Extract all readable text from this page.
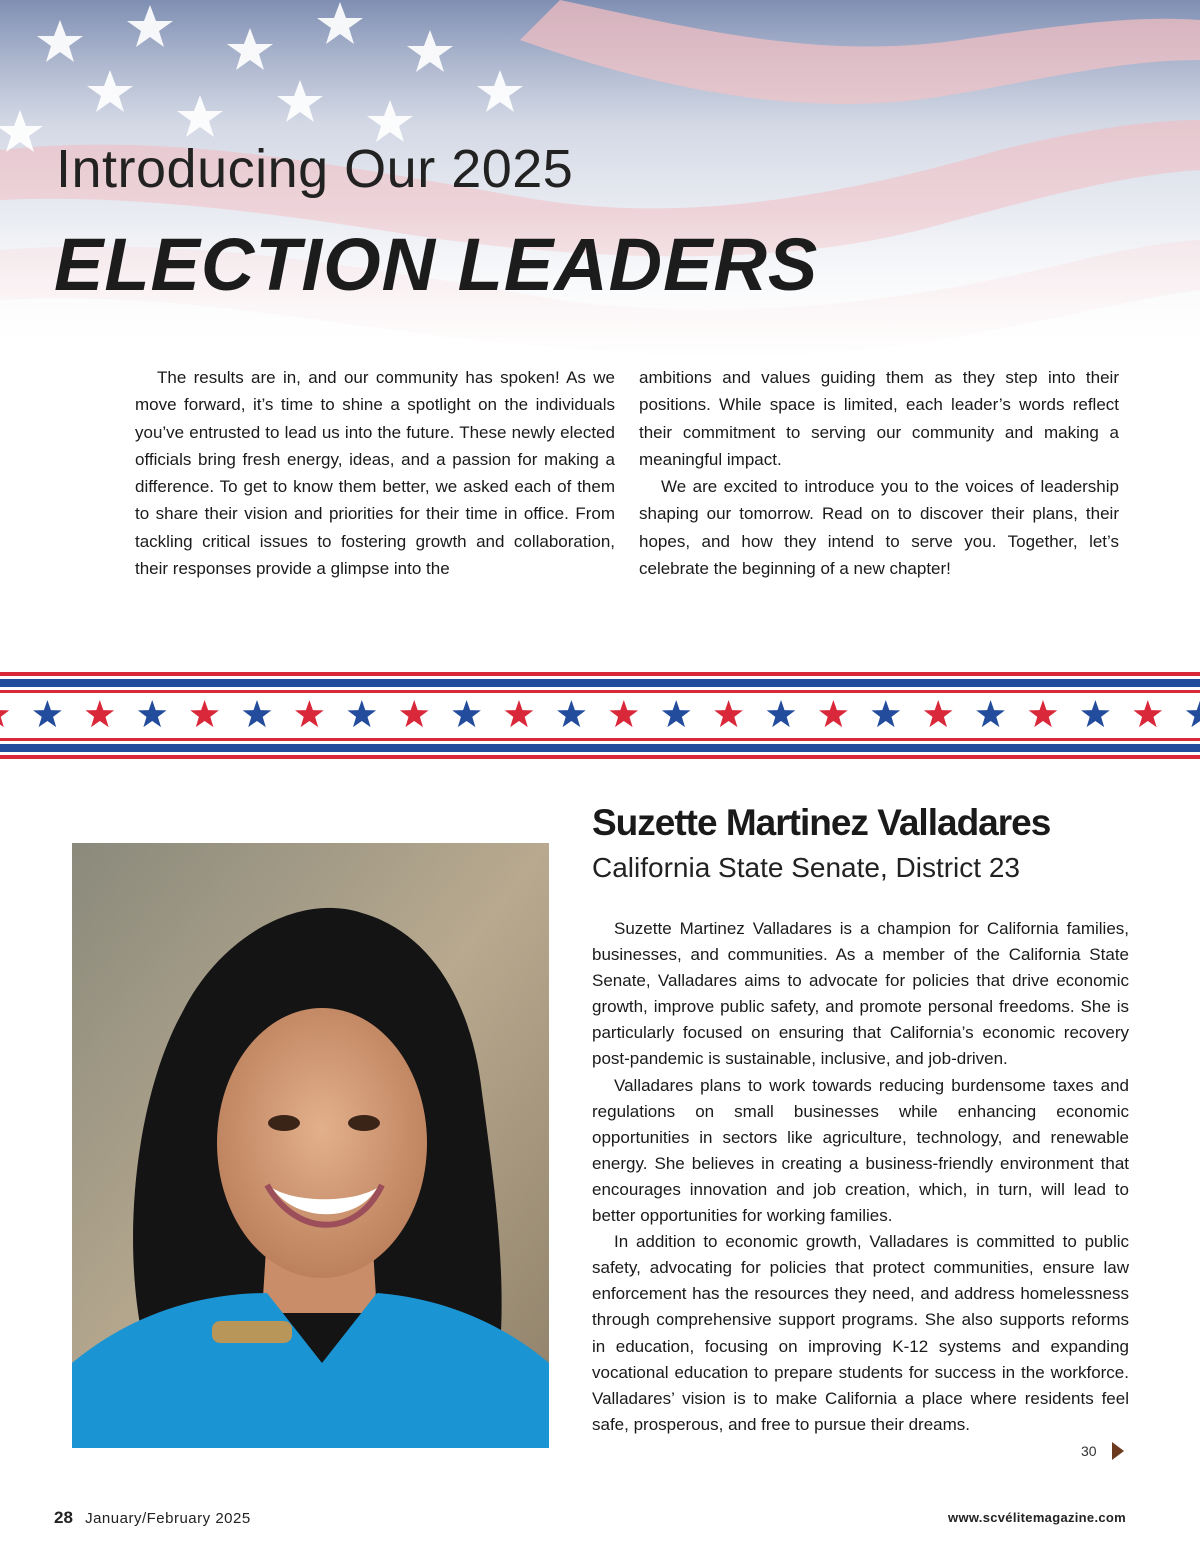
Introducing Our 2025
ELECTION LEADERS

The results are in, and our community has spoken! As we move forward, it’s time to shine a spotlight on the individuals you’ve entrusted to lead us into the future. These newly elected officials bring fresh energy, ideas, and a passion for making a difference. To get to know them better, we asked each of them to share their vision and priorities for their time in office. From tackling critical issues to fostering growth and collaboration, their responses provide a glimpse into the

ambitions and values guiding them as they step into their positions. While space is limited, each leader’s words reflect their commitment to serving our community and making a meaningful impact.

We are excited to introduce you to the voices of leadership shaping our tomorrow. Read on to discover their plans, their hopes, and how they intend to serve you. Together, let’s celebrate the beginning of a new chapter!

Suzette Martinez Valladares
California State Senate, District 23

Suzette Martinez Valladares is a champion for California families, businesses, and communities. As a member of the California State Senate, Valladares aims to advocate for policies that drive economic growth, improve public safety, and promote personal freedoms. She is particularly focused on ensuring that California’s economic recovery post-pandemic is sustainable, inclusive, and job-driven.

Valladares plans to work towards reducing burdensome taxes and regulations on small businesses while enhancing economic opportunities in sectors like agriculture, technology, and renewable energy. She believes in creating a business-friendly environment that encourages innovation and job creation, which, in turn, will lead to better opportunities for working families.

In addition to economic growth, Valladares is committed to public safety, advocating for policies that protect communities, ensure law enforcement has the resources they need, and address homelessness through comprehensive support programs. She also supports reforms in education, focusing on improving K-12 systems and expanding vocational education to prepare students for success in the workforce. Valladares’ vision is to make California a place where residents feel safe, prosperous, and free to pursue their dreams.

30
28 January/February 2025	www.scvélitemagazine.com
